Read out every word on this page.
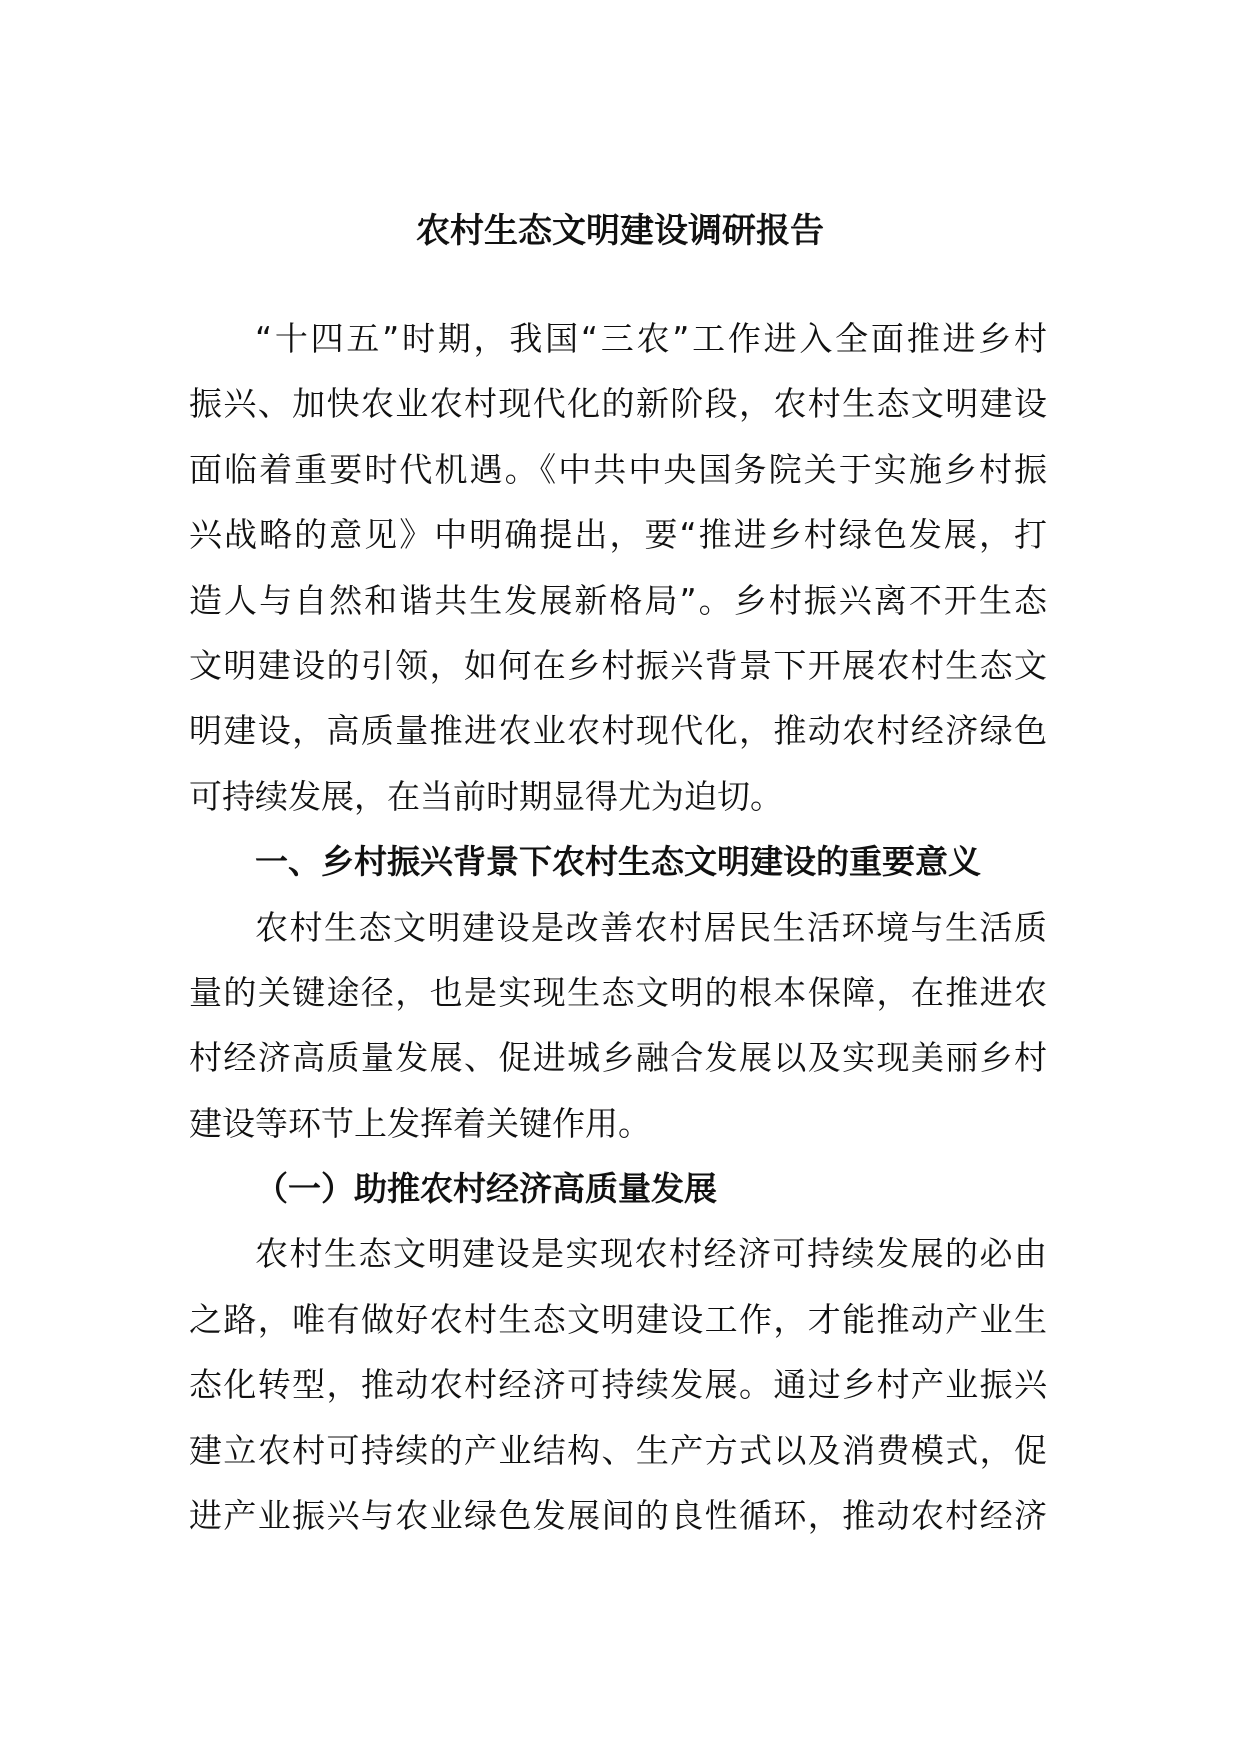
农村生态文明建设调研报告
“十四五”时期，我国“三农”工作进入全面推进乡村
振兴、加快农业农村现代化的新阶段，农村生态文明建设
面临着重要时代机遇。《中共中央国务院关于实施乡村振
兴战略的意见》中明确提出，要“推进乡村绿色发展，打
造人与自然和谐共生发展新格局”。乡村振兴离不开生态
文明建设的引领，如何在乡村振兴背景下开展农村生态文
明建设，高质量推进农业农村现代化，推动农村经济绿色
可持续发展，在当前时期显得尤为迫切。
一、乡村振兴背景下农村生态文明建设的重要意义
农村生态文明建设是改善农村居民生活环境与生活质
量的关键途径，也是实现生态文明的根本保障，在推进农
村经济高质量发展、促进城乡融合发展以及实现美丽乡村
建设等环节上发挥着关键作用。
（一）助推农村经济高质量发展
农村生态文明建设是实现农村经济可持续发展的必由
之路，唯有做好农村生态文明建设工作，才能推动产业生
态化转型，推动农村经济可持续发展。通过乡村产业振兴
建立农村可持续的产业结构、生产方式以及消费模式，促
进产业振兴与农业绿色发展间的良性循环，推动农村经济
